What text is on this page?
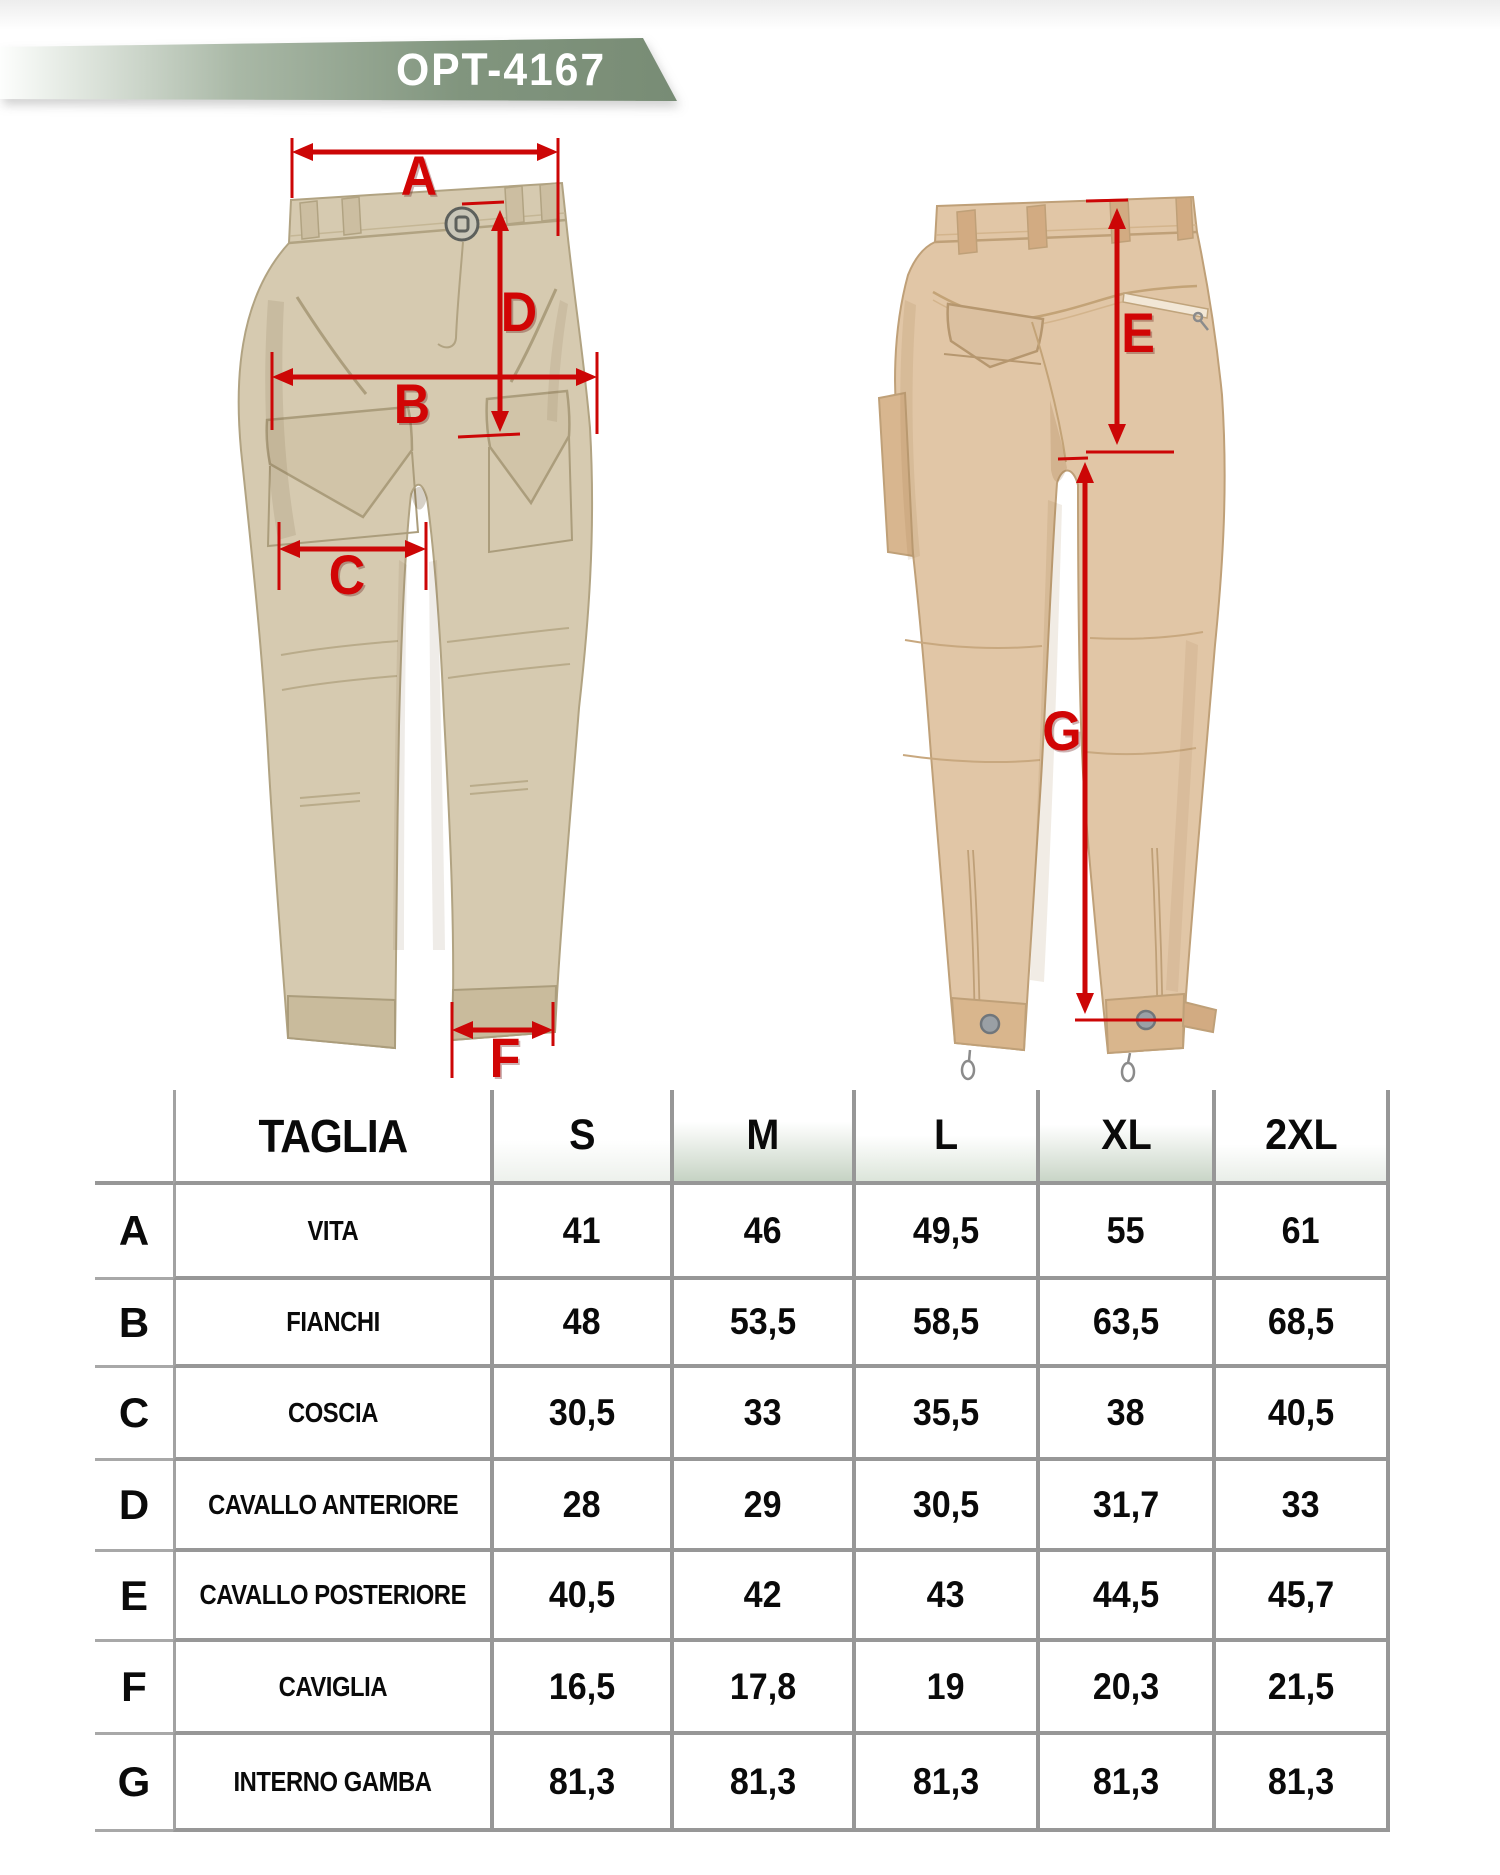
OPT-4167
A
B
C
D	E
F
G
TAGLIA	S	M	L	XL	2XL
A	VITA	41	46	49,5	55	61
B	FIANCHI	48	53,5	58,5	63,5	68,5
C	COSCIA	30,5	33	35,5	38	40,5
D CAVALLO ANTERIORE	28	29	30,5	31,7	33
E CAVALLO POSTERIORE 40,5	42	43	44,5	45,7
F	CAVIGLIA	16,5	17,8	19	20,3	21,5
G	INTERNO GAMBA	81,3	81,3	81,3	81,3	81,3
